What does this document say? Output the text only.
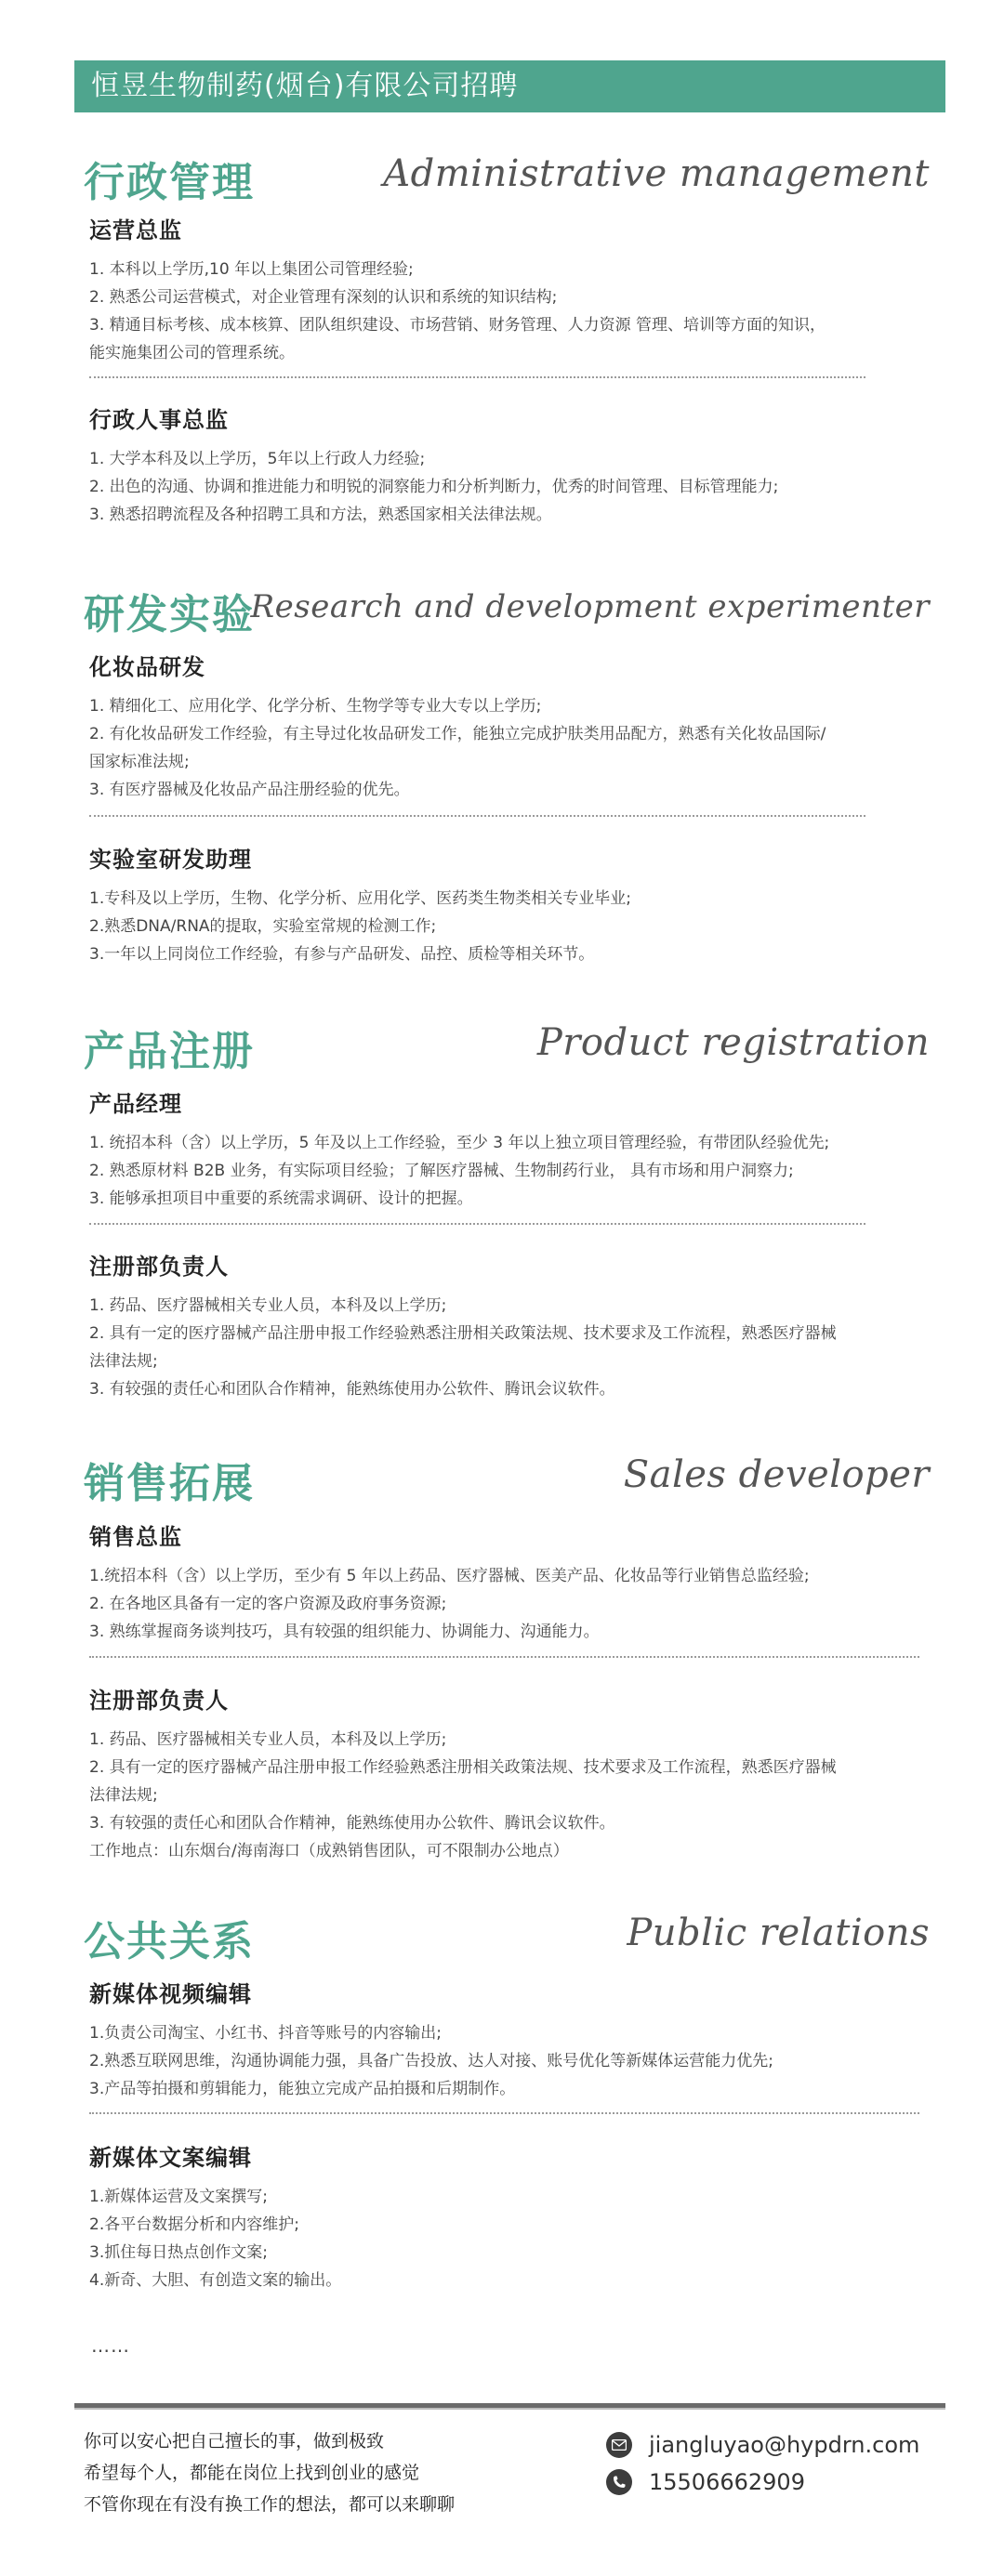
恒昱生物制药(烟台)有限公司招聘
行政管理	Administrative management
运营总监
1. 本科以上学历,10 年以上集团公司管理经验;
2. 熟悉公司运营模式，对企业管理有深刻的认识和系统的知识结构;
3. 精通目标考核、成本核算、团队组织建设、市场营销、财务管理、人力资源 管理、培训等方面的知识，
能实施集团公司的管理系统。
行政人事总监
1. 大学本科及以上学历，5年以上行政人力经验;
2. 出色的沟通、协调和推进能力和明锐的洞察能力和分析判断力，优秀的时间管理、目标管理能力;
3. 熟悉招聘流程及各种招聘工具和方法，熟悉国家相关法律法规。
研发实验
Research and development experimenter
化妆品研发
1. 精细化工、应用化学、化学分析、生物学等专业大专以上学历;
2. 有化妆品研发工作经验，有主导过化妆品研发工作，能独立完成护肤类用品配方，熟悉有关化妆品国际/
国家标准法规;
3. 有医疗器械及化妆品产品注册经验的优先。
实验室研发助理
1.专科及以上学历，生物、化学分析、应用化学、医药类生物类相关专业毕业;
2.熟悉DNA/RNA的提取，实验室常规的检测工作;
3.一年以上同岗位工作经验，有参与产品研发、品控、质检等相关环节。
产品注册	Product registration
产品经理
1. 统招本科（含）以上学历，5 年及以上工作经验，至少 3 年以上独立项目管理经验，有带团队经验优先;
2. 熟悉原材料 B2B 业务，有实际项目经验；了解医疗器械、生物制药行业， 具有市场和用户洞察力;
3. 能够承担项目中重要的系统需求调研、设计的把握。
注册部负责人
1. 药品、医疗器械相关专业人员，本科及以上学历;
2. 具有一定的医疗器械产品注册申报工作经验熟悉注册相关政策法规、技术要求及工作流程，熟悉医疗器械
法律法规;
3. 有较强的责任心和团队合作精神，能熟练使用办公软件、腾讯会议软件。
销售拓展	Sales developer
销售总监
1.统招本科（含）以上学历，至少有 5 年以上药品、医疗器械、医美产品、化妆品等行业销售总监经验;
2. 在各地区具备有一定的客户资源及政府事务资源;
3. 熟练掌握商务谈判技巧，具有较强的组织能力、协调能力、沟通能力。
注册部负责人
1. 药品、医疗器械相关专业人员，本科及以上学历;
2. 具有一定的医疗器械产品注册申报工作经验熟悉注册相关政策法规、技术要求及工作流程，熟悉医疗器械
法律法规;
3. 有较强的责任心和团队合作精神，能熟练使用办公软件、腾讯会议软件。
工作地点：山东烟台/海南海口（成熟销售团队，可不限制办公地点）
公共关系	Public relations
新媒体视频编辑
1.负责公司淘宝、小红书、抖音等账号的内容输出;
2.熟悉互联网思维，沟通协调能力强，具备广告投放、达人对接、账号优化等新媒体运营能力优先;
3.产品等拍摄和剪辑能力，能独立完成产品拍摄和后期制作。
新媒体文案编辑
1.新媒体运营及文案撰写;
2.各平台数据分析和内容维护;
3.抓住每日热点创作文案;
4.新奇、大胆、有创造文案的输出。
……
你可以安心把自己擅长的事，做到极致
希望每个人，都能在岗位上找到创业的感觉
不管你现在有没有换工作的想法，都可以来聊聊
jiangluyao@hypdrn.com
15506662909
